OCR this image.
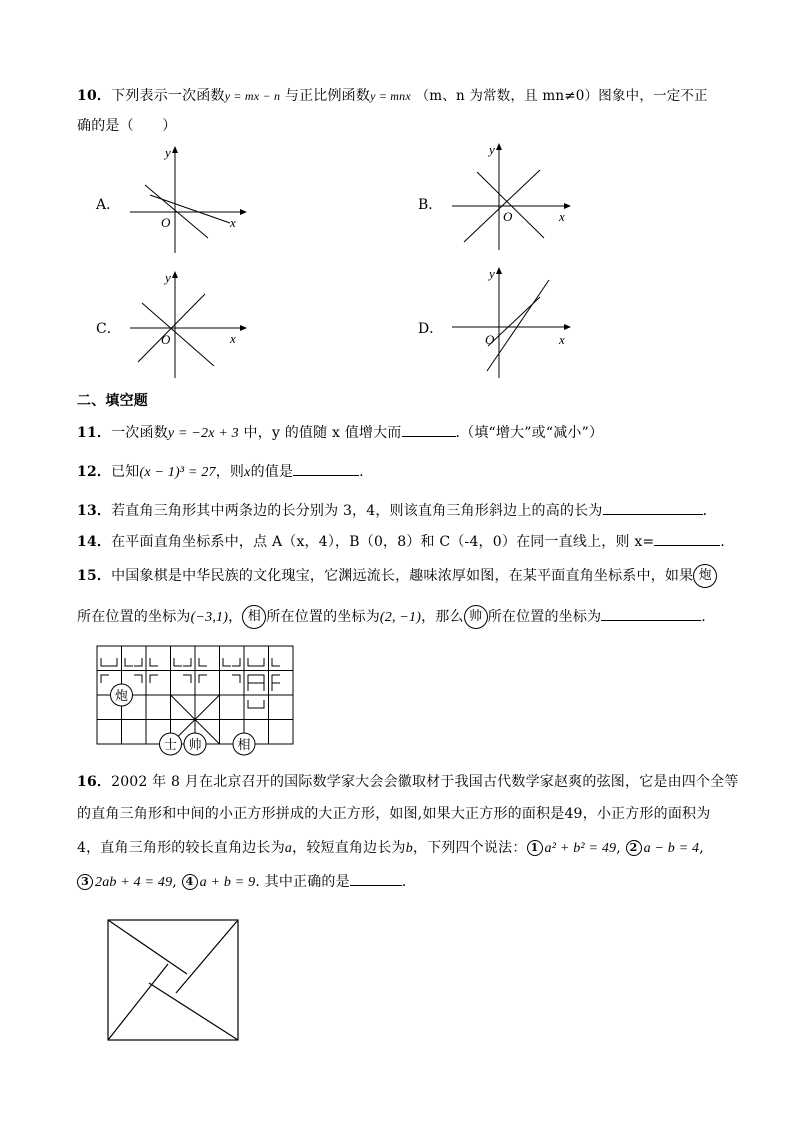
10．下列表示一次函数y = mx − n 与正比例函数y = mnx （m、n 为常数，且 mn≠0）图象中，一定不正
确的是（　　）
A．
y
x
O
B．
y
x
O
C．
y
x
O
D．
y
x
O
二、填空题
11．一次函数y = −2x + 3 中，y 的值随 x 值增大而	.（填“增大”或“减小”）
12．已知(x − 1)³ = 27，则x的值是	.
13．若直角三角形其中两条边的长分别为 3，4，则该直角三角形斜边上的高的长为	．
14．在平面直角坐标系中，点 A（x，4），B（0，8）和 C（-4，0）在同一直线上，则 x=	．
15．中国象棋是中华民族的文化瑰宝，它渊远流长，趣味浓厚如图，在某平面直角坐标系中，如果 炮
所在位置的坐标为(−3,1)， 相 所在位置的坐标为(2, −1)，那么 帅 所在位置的坐标为	.
炮
士 帅	相
16．2002 年 8 月在北京召开的国际数学家大会会徽取材于我国古代数学家赵爽的弦图，它是由四个全等
的直角三角形和中间的小正方形拼成的大正方形，如图,如果大正方形的面积是49，小正方形的面积为
4，直角三角形的较长直角边长为a，较短直角边长为b，下列四个说法： 1 a² + b² = 49, 2 a − b = 4,
3 2ab + 4 = 49, 4 a + b = 9. 其中正确的是	.
